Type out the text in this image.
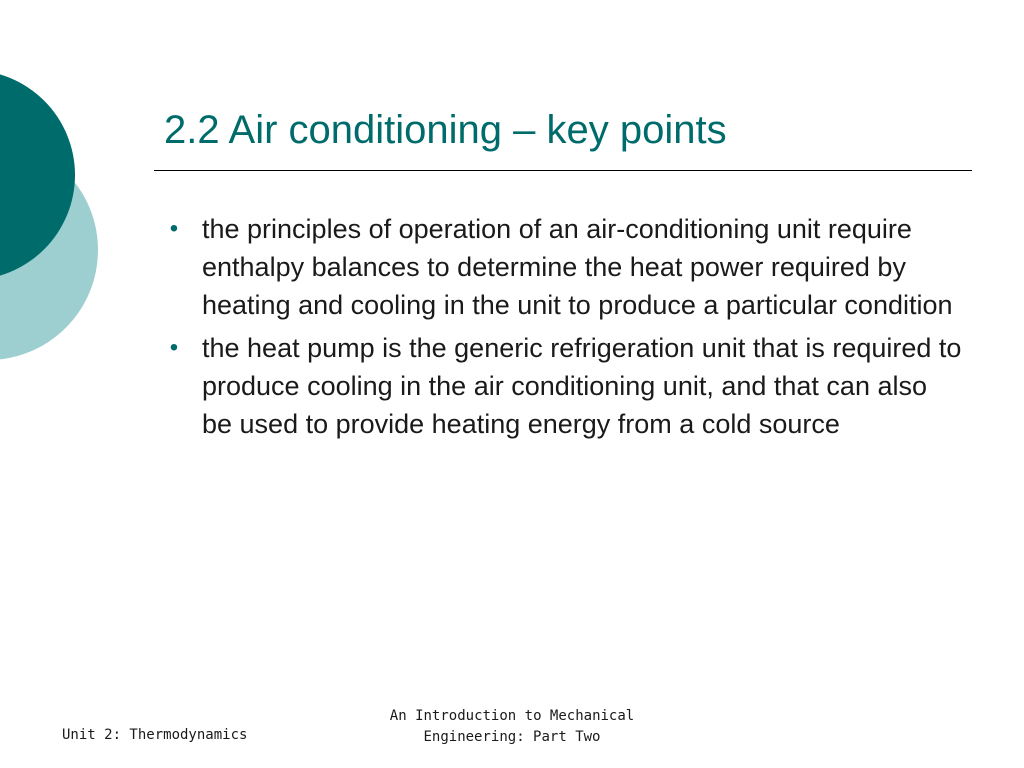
2.2 Air conditioning – key points
• the principles of operation of an air-conditioning unit require enthalpy balances to determine the heat power required by heating and cooling in the unit to produce a particular condition
• the heat pump is the generic refrigeration unit that is required to produce cooling in the air conditioning unit, and that can also be used to provide heating energy from a cold source
Unit 2: Thermodynamics
An Introduction to Mechanical
Engineering: Part Two
